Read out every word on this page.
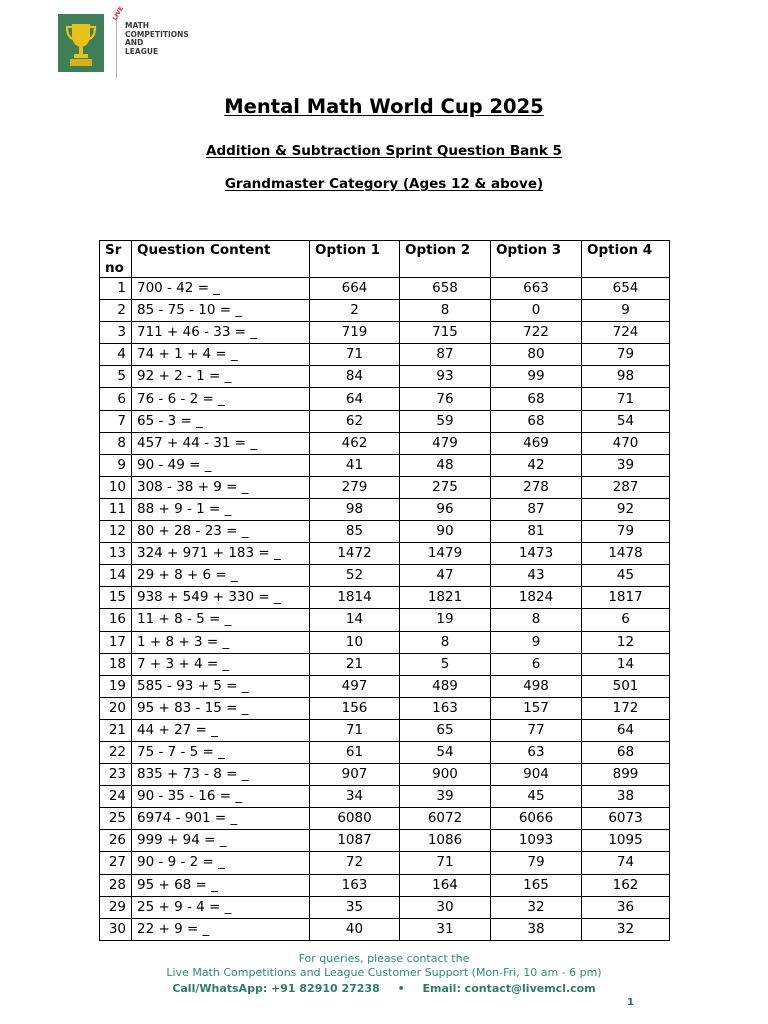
LIVE
MATH
COMPETITIONS
AND
LEAGUE
Mental Math World Cup 2025
Addition & Subtraction Sprint Question Bank 5
Grandmaster Category (Ages 12 & above)
Sr no	Question Content	Option 1	Option 2	Option 3	Option 4
1	700 - 42 = _	664	658	663	654
2	85 - 75 - 10 = _	2	8	0	9
3	711 + 46 - 33 = _	719	715	722	724
4	74 + 1 + 4 = _	71	87	80	79
5	92 + 2 - 1 = _	84	93	99	98
6	76 - 6 - 2 = _	64	76	68	71
7	65 - 3 = _	62	59	68	54
8	457 + 44 - 31 = _	462	479	469	470
9	90 - 49 = _	41	48	42	39
10	308 - 38 + 9 = _	279	275	278	287
11	88 + 9 - 1 = _	98	96	87	92
12	80 + 28 - 23 = _	85	90	81	79
13	324 + 971 + 183 = _	1472	1479	1473	1478
14	29 + 8 + 6 = _	52	47	43	45
15	938 + 549 + 330 = _	1814	1821	1824	1817
16	11 + 8 - 5 = _	14	19	8	6
17	1 + 8 + 3 = _	10	8	9	12
18	7 + 3 + 4 = _	21	5	6	14
19	585 - 93 + 5 = _	497	489	498	501
20	95 + 83 - 15 = _	156	163	157	172
21	44 + 27 = _	71	65	77	64
22	75 - 7 - 5 = _	61	54	63	68
23	835 + 73 - 8 = _	907	900	904	899
24	90 - 35 - 16 = _	34	39	45	38
25	6974 - 901 = _	6080	6072	6066	6073
26	999 + 94 = _	1087	1086	1093	1095
27	90 - 9 - 2 = _	72	71	79	74
28	95 + 68 = _	163	164	165	162
29	25 + 9 - 4 = _	35	30	32	36
30	22 + 9 = _	40	31	38	32
For queries, please contact the
Live Math Competitions and League Customer Support (Mon-Fri, 10 am - 6 pm)
Call/WhatsApp: +91 82910 27238 • Email: contact@livemcl.com
1
